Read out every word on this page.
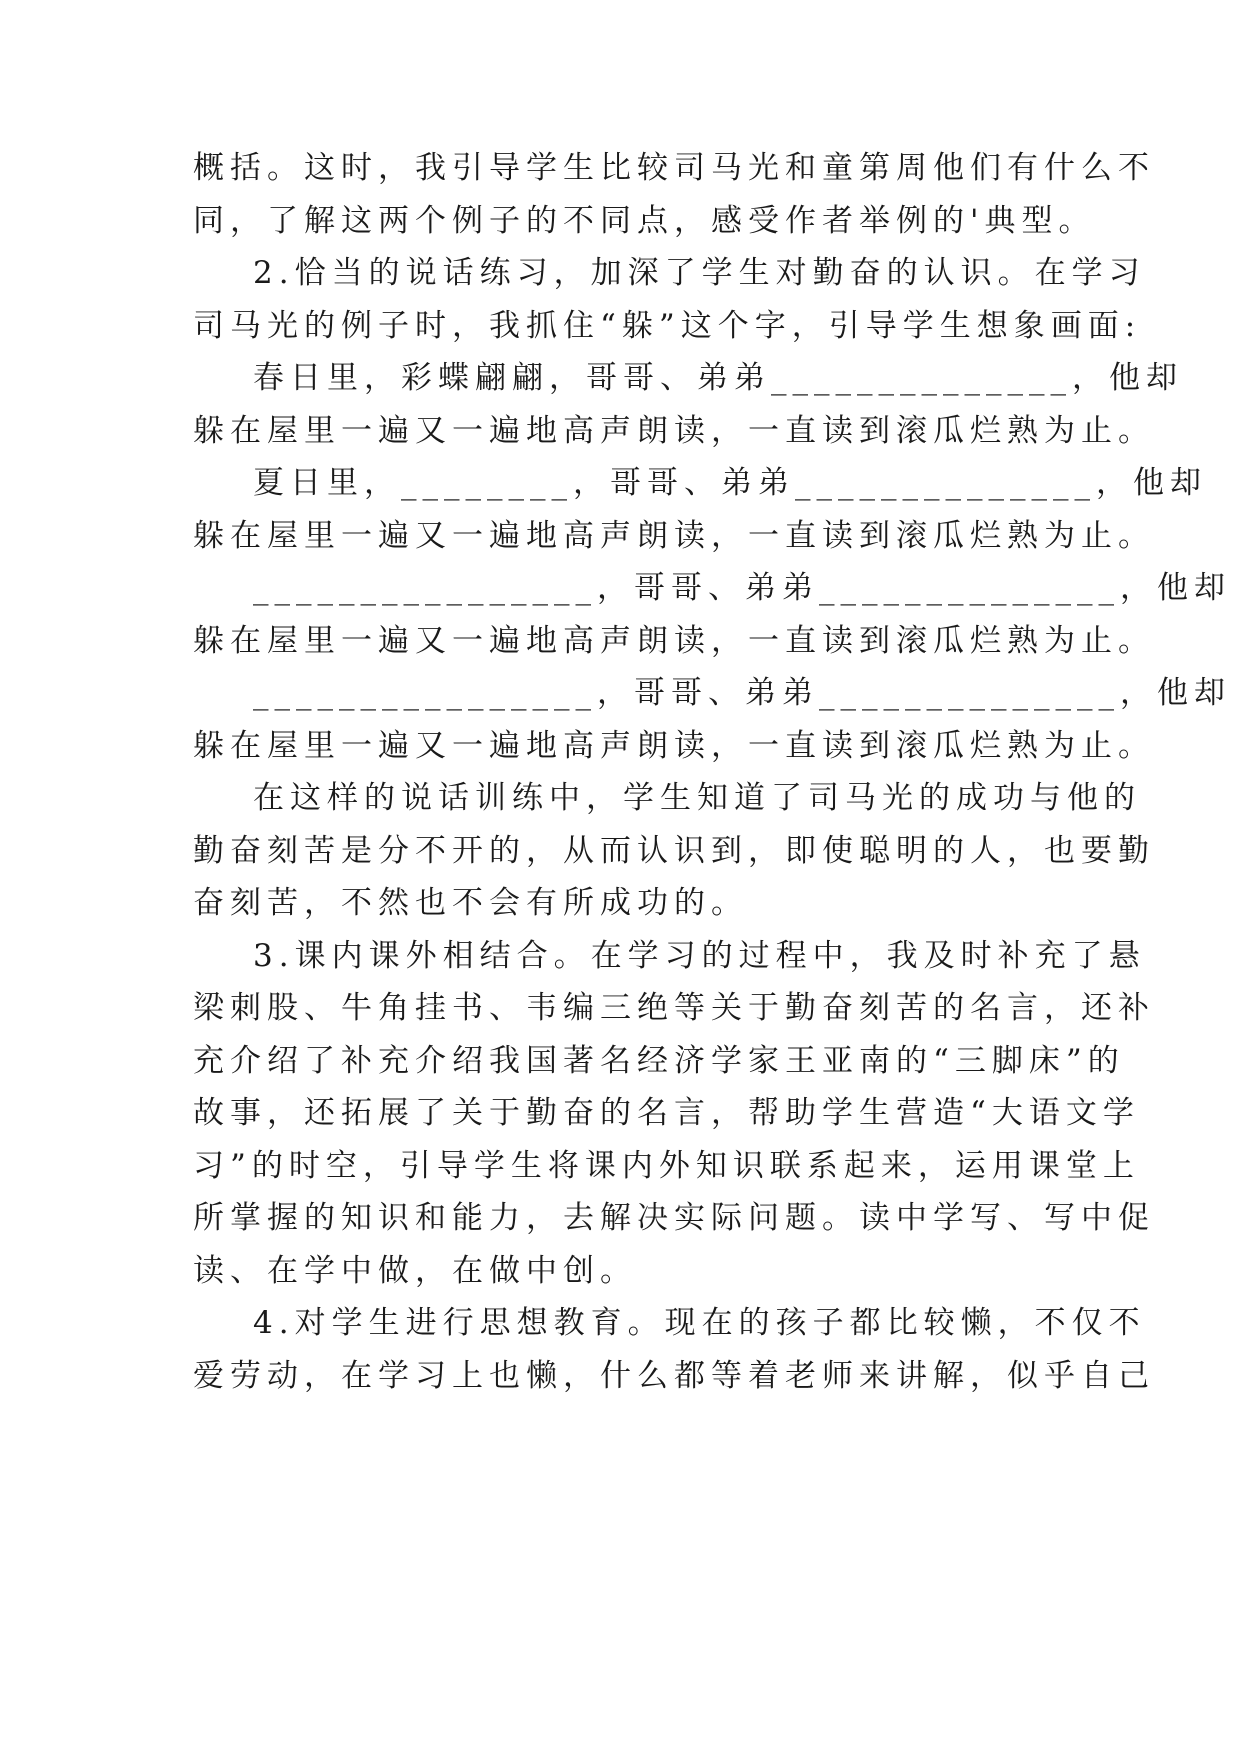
概括。这时，我引导学生比较司马光和童第周他们有什么不
同，了解这两个例子的不同点，感受作者举例的'典型。
2.恰当的说话练习，加深了学生对勤奋的认识。在学习
司马光的例子时，我抓住“躲”这个字，引导学生想象画面:
春日里，彩蝶翩翩，哥哥、弟弟______________，他却
躲在屋里一遍又一遍地高声朗读，一直读到滚瓜烂熟为止。
夏日里，________，哥哥、弟弟______________，他却
躲在屋里一遍又一遍地高声朗读，一直读到滚瓜烂熟为止。
________________，哥哥、弟弟______________，他却
躲在屋里一遍又一遍地高声朗读，一直读到滚瓜烂熟为止。
________________，哥哥、弟弟______________，他却
躲在屋里一遍又一遍地高声朗读，一直读到滚瓜烂熟为止。
在这样的说话训练中，学生知道了司马光的成功与他的
勤奋刻苦是分不开的，从而认识到，即使聪明的人，也要勤
奋刻苦，不然也不会有所成功的。
3.课内课外相结合。在学习的过程中，我及时补充了悬
梁刺股、牛角挂书、韦编三绝等关于勤奋刻苦的名言，还补
充介绍了补充介绍我国著名经济学家王亚南的“三脚床”的
故事，还拓展了关于勤奋的名言，帮助学生营造“大语文学
习”的时空，引导学生将课内外知识联系起来，运用课堂上
所掌握的知识和能力，去解决实际问题。读中学写、写中促
读、在学中做，在做中创。
4.对学生进行思想教育。现在的孩子都比较懒，不仅不
爱劳动，在学习上也懒，什么都等着老师来讲解，似乎自己
